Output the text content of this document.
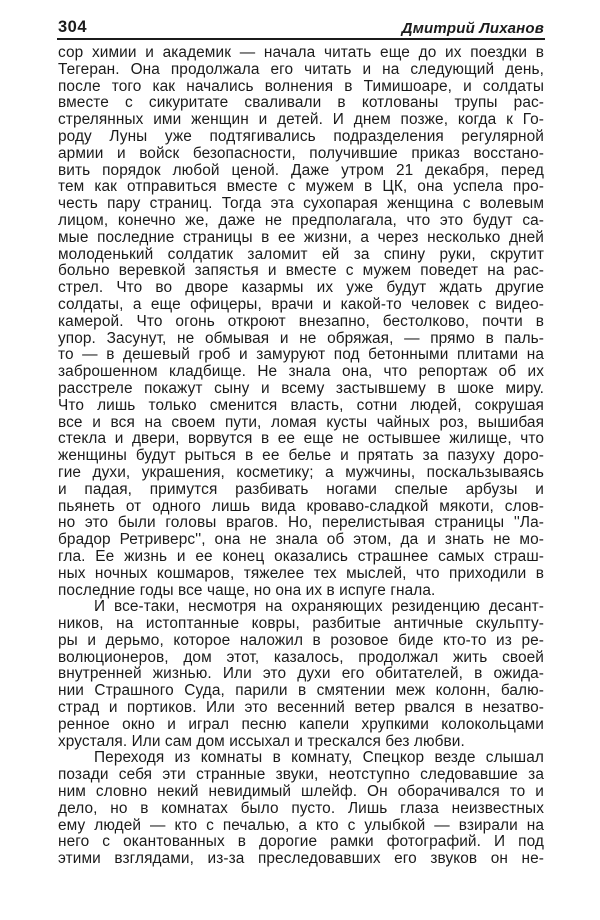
304	Дмитрий Лиханов
сор химии и академик — начала читать еще до их поездки в
Тегеран. Она продолжала его читать и на следующий день,
после того как начались волнения в Тимишоаре, и солдаты
вместе с сикуритате сваливали в котлованы трупы рас-
стрелянных ими женщин и детей. И днем позже, когда к Го-
роду Луны уже подтягивались подразделения регулярной
армии и войск безопасности, получившие приказ восстано-
вить порядок любой ценой. Даже утром 21 декабря, перед
тем как отправиться вместе с мужем в ЦК, она успела про-
честь пару страниц. Тогда эта сухопарая женщина с волевым
лицом, конечно же, даже не предполагала, что это будут са-
мые последние страницы в ее жизни, а через несколько дней
молоденький солдатик заломит ей за спину руки, скрутит
больно веревкой запястья и вместе с мужем поведет на рас-
стрел. Что во дворе казармы их уже будут ждать другие
солдаты, а еще офицеры, врачи и какой-то человек с видео-
камерой. Что огонь откроют внезапно, бестолково, почти в
упор. Засунут, не обмывая и не обряжая, — прямо в паль-
то — в дешевый гроб и замуруют под бетонными плитами на
заброшенном кладбище. Не знала она, что репортаж об их
расстреле покажут сыну и всему застывшему в шоке миру.
Что лишь только сменится власть, сотни людей, сокрушая
все и вся на своем пути, ломая кусты чайных роз, вышибая
стекла и двери, ворвутся в ее еще не остывшее жилище, что
женщины будут рыться в ее белье и прятать за пазуху доро-
гие духи, украшения, косметику; а мужчины, поскальзываясь
и падая, примутся разбивать ногами спелые арбузы и
пьянеть от одного лишь вида кроваво-сладкой мякоти, слов-
но это были головы врагов. Но, перелистывая страницы ''Ла-
брадор Ретриверс'', она не знала об этом, да и знать не мо-
гла. Ее жизнь и ее конец оказались страшнее самых страш-
ных ночных кошмаров, тяжелее тех мыслей, что приходили в
последние годы все чаще, но она их в испуге гнала.
И все-таки, несмотря на охраняющих резиденцию десант-
ников, на истоптанные ковры, разбитые античные скульпту-
ры и дерьмо, которое наложил в розовое биде кто-то из ре-
волюционеров, дом этот, казалось, продолжал жить своей
внутренней жизнью. Или это духи его обитателей, в ожида-
нии Страшного Суда, парили в смятении меж колонн, балю-
страд и портиков. Или это весенний ветер рвался в незатво-
ренное окно и играл песню капели хрупкими колокольцами
хрусталя. Или сам дом иссыхал и трескался без любви.
Переходя из комнаты в комнату, Спецкор везде слышал
позади себя эти странные звуки, неотступно следовавшие за
ним словно некий невидимый шлейф. Он оборачивался то и
дело, но в комнатах было пусто. Лишь глаза неизвестных
ему людей — кто с печалью, а кто с улыбкой — взирали на
него с окантованных в дорогие рамки фотографий. И под
этими взглядами, из-за преследовавших его звуков он не-
